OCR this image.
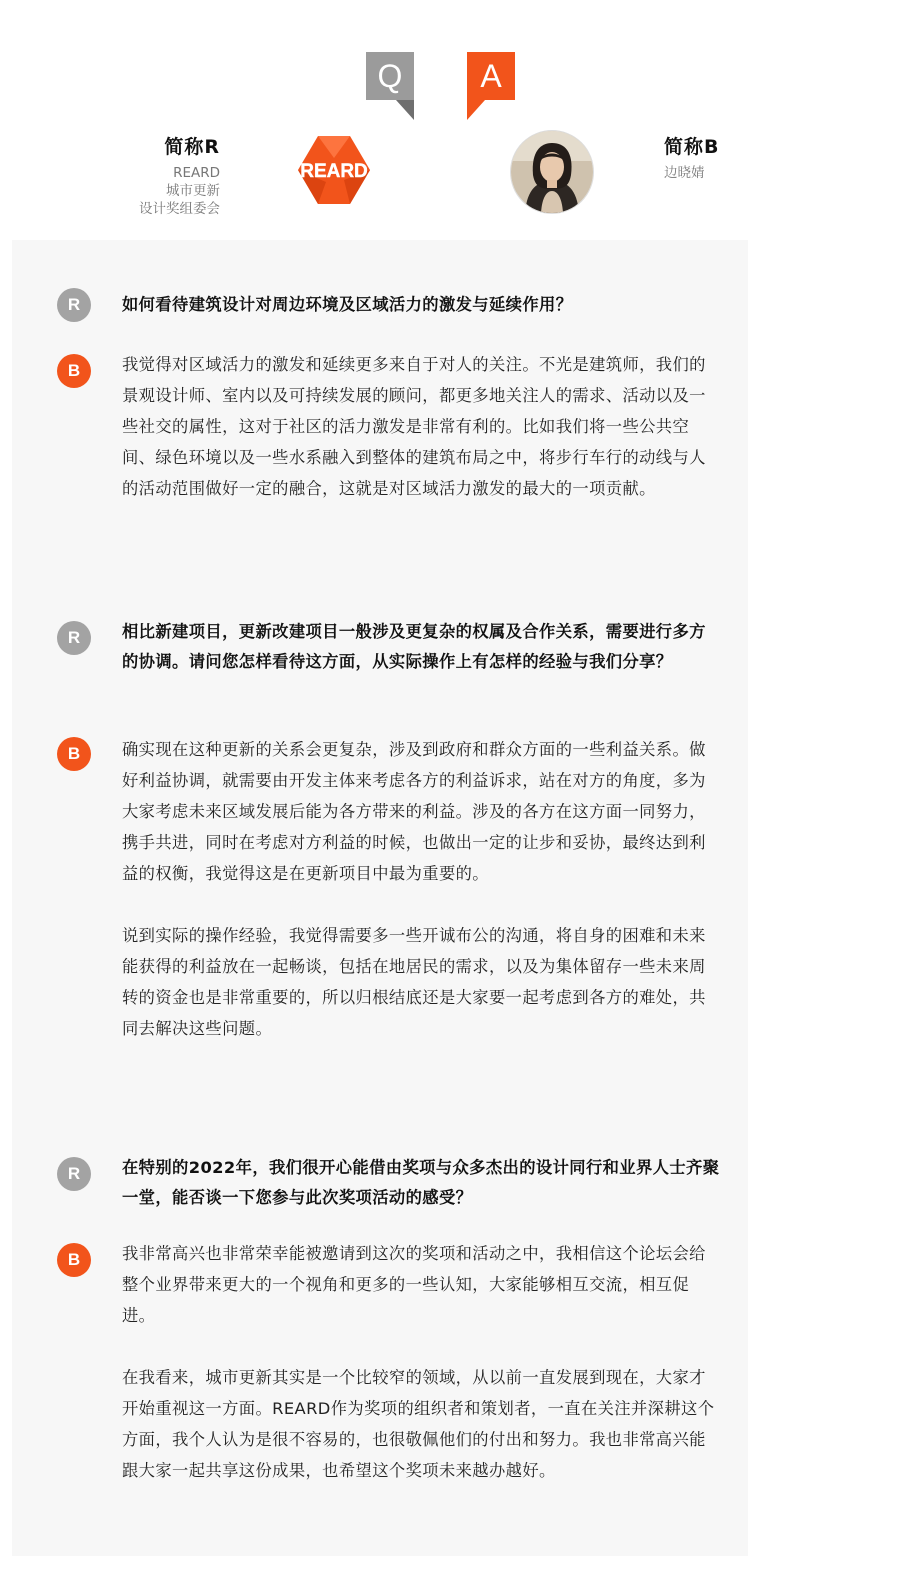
Q	A
简称R
REARD
城市更新
设计奖组委会
REARD
简称B
边晓婧
R	如何看待建筑设计对周边环境及区域活力的激发与延续作用？
B	我觉得对区域活力的激发和延续更多来自于对人的关注。不光是建筑师，我们的景观设计师、室内以及可持续发展的顾问，都更多地关注人的需求、活动以及一些社交的属性，这对于社区的活力激发是非常有利的。比如我们将一些公共空间、绿色环境以及一些水系融入到整体的建筑布局之中，将步行车行的动线与人的活动范围做好一定的融合，这就是对区域活力激发的最大的一项贡献。

R	相比新建项目，更新改建项目一般涉及更复杂的权属及合作关系，需要进行多方的协调。请问您怎样看待这方面，从实际操作上有怎样的经验与我们分享？
B	确实现在这种更新的关系会更复杂，涉及到政府和群众方面的一些利益关系。做好利益协调，就需要由开发主体来考虑各方的利益诉求，站在对方的角度，多为大家考虑未来区域发展后能为各方带来的利益。涉及的各方在这方面一同努力，携手共进，同时在考虑对方利益的时候，也做出一定的让步和妥协，最终达到利益的权衡，我觉得这是在更新项目中最为重要的。

说到实际的操作经验，我觉得需要多一些开诚布公的沟通，将自身的困难和未来能获得的利益放在一起畅谈，包括在地居民的需求，以及为集体留存一些未来周转的资金也是非常重要的，所以归根结底还是大家要一起考虑到各方的难处，共同去解决这些问题。

R	在特别的2022年，我们很开心能借由奖项与众多杰出的设计同行和业界人士齐聚一堂，能否谈一下您参与此次奖项活动的感受？
B	我非常高兴也非常荣幸能被邀请到这次的奖项和活动之中，我相信这个论坛会给整个业界带来更大的一个视角和更多的一些认知，大家能够相互交流，相互促进。

在我看来，城市更新其实是一个比较窄的领域，从以前一直发展到现在，大家才开始重视这一方面。REARD作为奖项的组织者和策划者，一直在关注并深耕这个方面，我个人认为是很不容易的，也很敬佩他们的付出和努力。我也非常高兴能跟大家一起共享这份成果，也希望这个奖项未来越办越好。
